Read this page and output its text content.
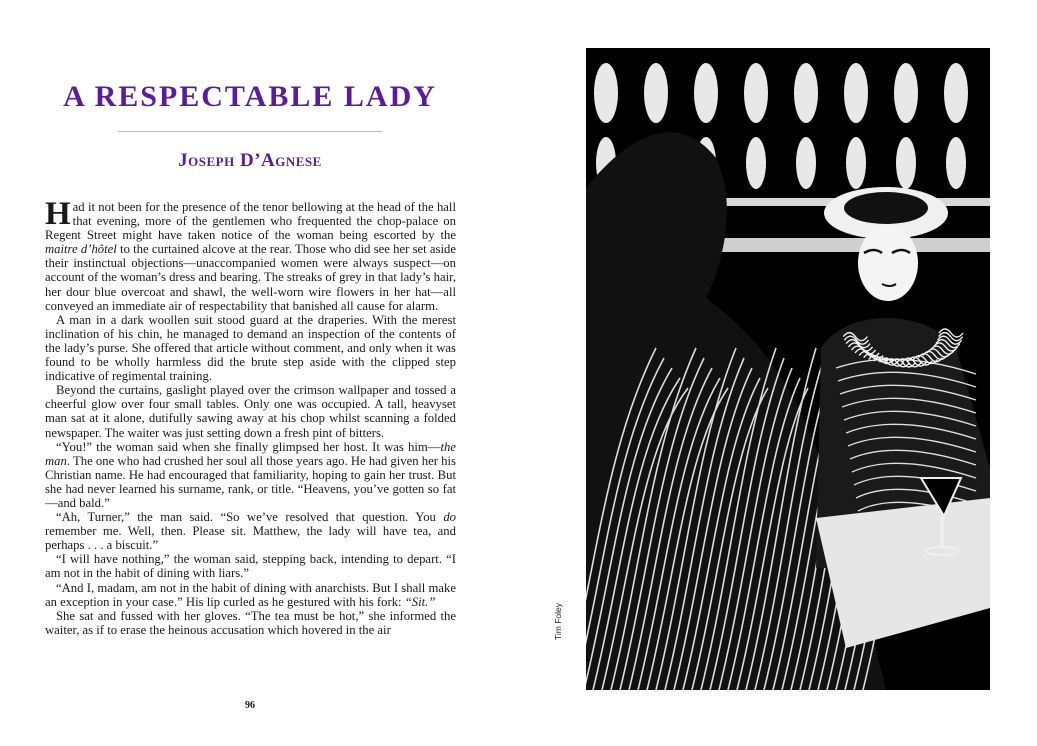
A RESPECTABLE LADY
Joseph D’Agnese

Had it not been for the presence of the tenor bellowing at the head of the hall that evening, more of the gentlemen who frequented the chop-palace on Regent Street might have taken notice of the woman being escorted by the maitre d’hôtel to the curtained alcove at the rear. Those who did see her set aside their instinctual objections—unaccompanied women were always suspect—on account of the woman’s dress and bearing. The streaks of grey in that lady’s hair, her dour blue overcoat and shawl, the well-worn wire flowers in her hat—all conveyed an immediate air of respectability that banished all cause for alarm.

A man in a dark woollen suit stood guard at the draperies. With the merest inclination of his chin, he managed to demand an inspection of the contents of the lady’s purse. She offered that article without comment, and only when it was found to be wholly harmless did the brute step aside with the clipped step indicative of regimental training.

Beyond the curtains, gaslight played over the crimson wallpaper and tossed a cheerful glow over four small tables. Only one was occupied. A tall, heavyset man sat at it alone, dutifully sawing away at his chop whilst scanning a folded newspaper. The waiter was just setting down a fresh pint of bitters.

“You!” the woman said when she finally glimpsed her host. It was him—the man. The one who had crushed her soul all those years ago. He had given her his Christian name. He had encouraged that familiarity, hoping to gain her trust. But she had never learned his surname, rank, or title. “Heavens, you’ve gotten so fat—and bald.”

“Ah, Turner,” the man said. “So we’ve resolved that question. You do remember me. Well, then. Please sit. Matthew, the lady will have tea, and perhaps . . . a biscuit.”

“I will have nothing,” the woman said, stepping back, intending to depart. “I am not in the habit of dining with liars.”

“And I, madam, am not in the habit of dining with anarchists. But I shall make an exception in your case.” His lip curled as he gestured with his fork: “Sit.”

She sat and fussed with her gloves. “The tea must be hot,” she informed the waiter, as if to erase the heinous accusation which hovered in the air

96
Tim Foley
